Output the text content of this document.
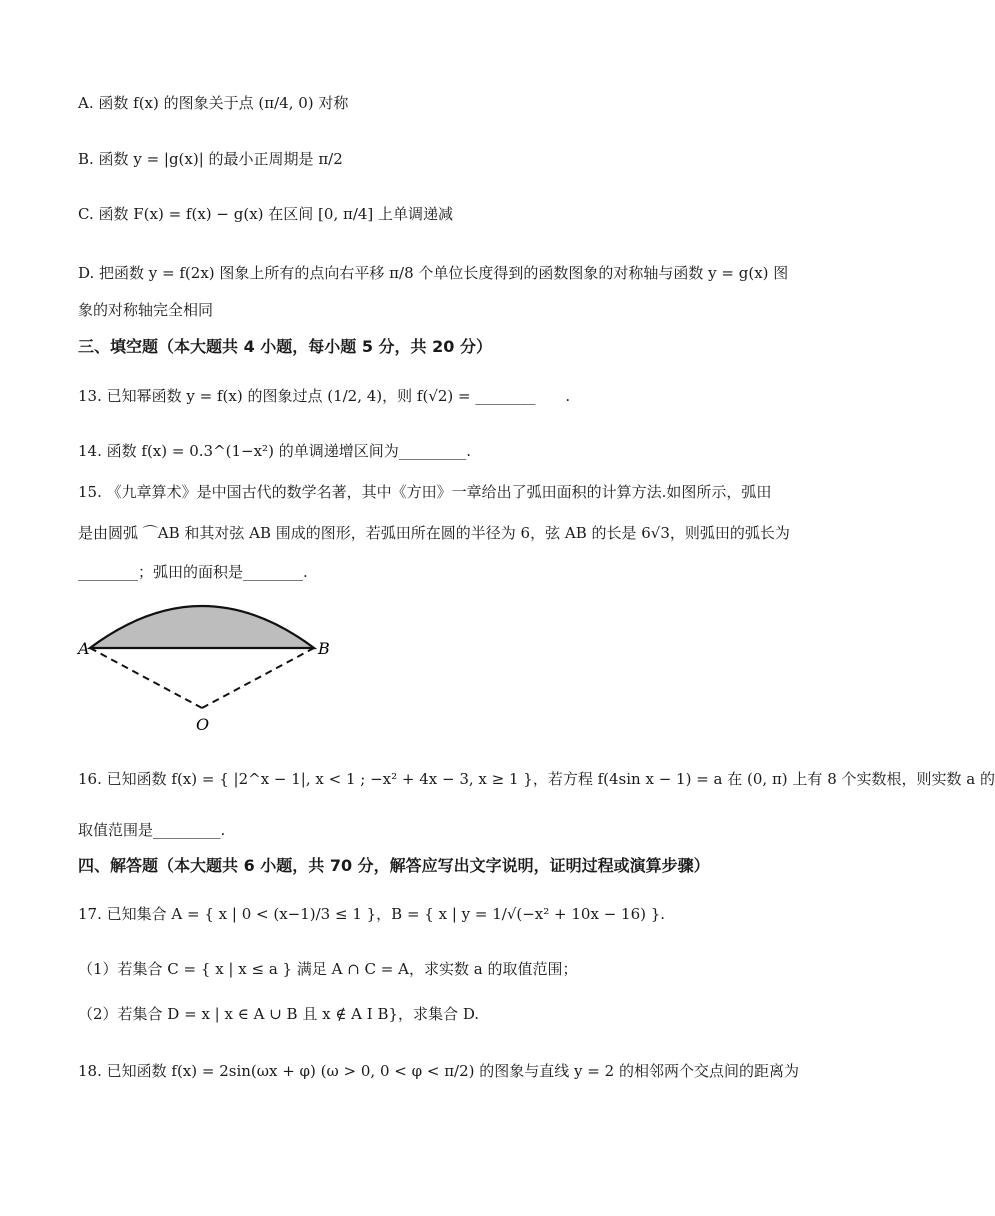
A. 函数 f(x) 的图象关于点 (π/4, 0) 对称
B. 函数 y = |g(x)| 的最小正周期是 π/2
C. 函数 F(x) = f(x) − g(x) 在区间 [0, π/4] 上单调递减
D. 把函数 y = f(2x) 图象上所有的点向右平移 π/8 个单位长度得到的函数图象的对称轴与函数 y = g(x) 图
象的对称轴完全相同
三、填空题（本大题共 4 小题，每小题 5 分，共 20 分）
13. 已知幂函数 y = f(x) 的图象过点 (1/2, 4)，则 f(√2) = ________　　.
14. 函数 f(x) = 0.3^(1−x²) 的单调递增区间为_________.
15. 《九章算术》是中国古代的数学名著，其中《方田》一章给出了弧田面积的计算方法.如图所示，弧田
是由圆弧 ⌒AB 和其对弦 AB 围成的图形，若弧田所在圆的半径为 6，弦 AB 的长是 6√3，则弧田的弧长为
________；弧田的面积是________.
A	B
O
16. 已知函数 f(x) = { |2^x − 1|, x < 1 ; −x² + 4x − 3, x ≥ 1 }，若方程 f(4sin x − 1) = a 在 (0, π) 上有 8 个实数根，则实数 a 的
取值范围是_________.
四、解答题（本大题共 6 小题，共 70 分，解答应写出文字说明，证明过程或演算步骤）
17. 已知集合 A = { x | 0 < (x−1)/3 ≤ 1 }，B = { x | y = 1/√(−x² + 10x − 16) }.
（1）若集合 C = { x | x ≤ a } 满足 A ∩ C = A，求实数 a 的取值范围；
（2）若集合 D = x | x ∈ A ∪ B 且 x ∉ A Ⅰ B}，求集合 D.
18. 已知函数 f(x) = 2sin(ωx + φ) (ω > 0, 0 < φ < π/2) 的图象与直线 y = 2 的相邻两个交点间的距离为
